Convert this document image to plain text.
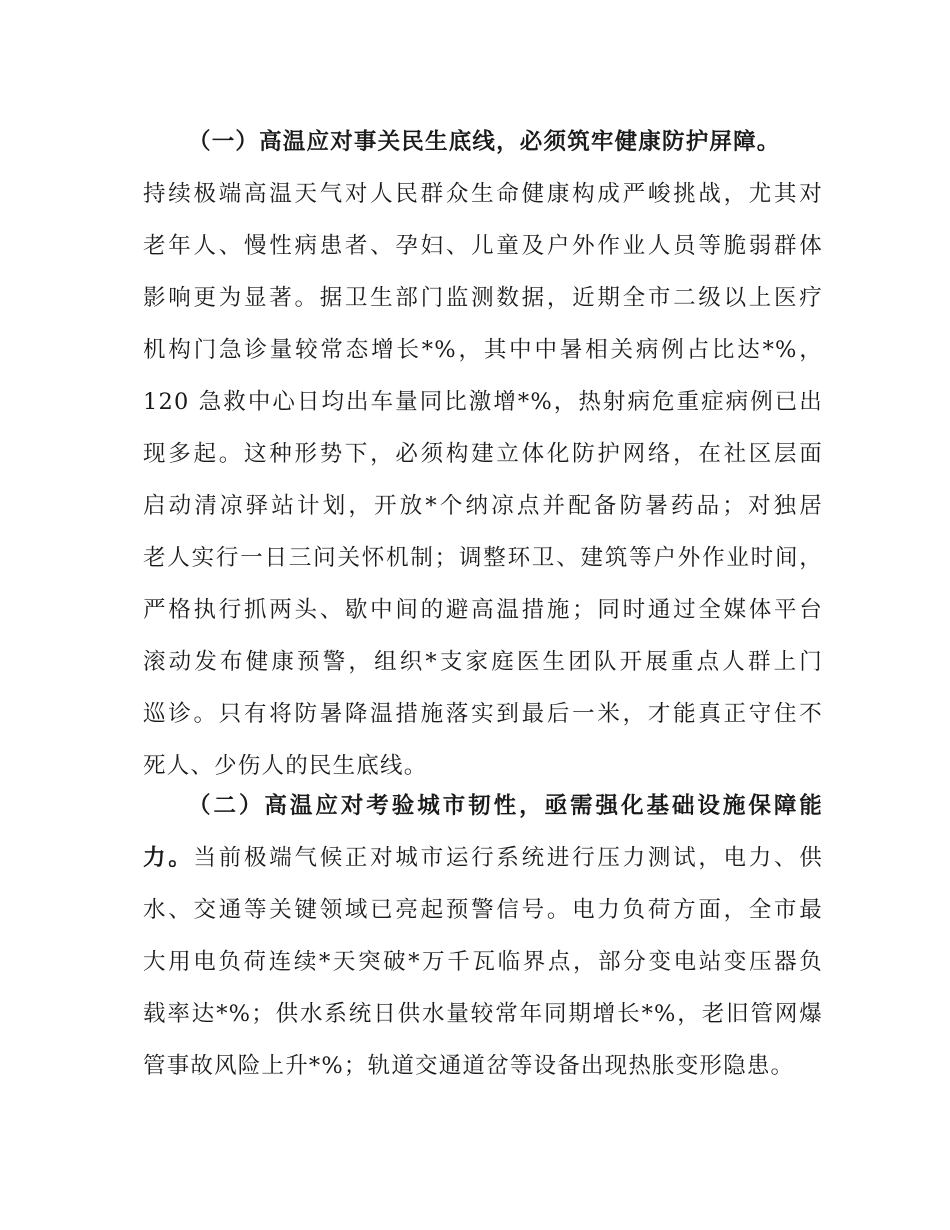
（一）高温应对事关民生底线，必须筑牢健康防护屏障。
持续极端高温天气对人民群众生命健康构成严峻挑战，尤其对
老年人、慢性病患者、孕妇、儿童及户外作业人员等脆弱群体
影响更为显著。据卫生部门监测数据，近期全市二级以上医疗
机构门急诊量较常态增长*%，其中中暑相关病例占比达*%，
120 急救中心日均出车量同比激增*%，热射病危重症病例已出
现多起。这种形势下，必须构建立体化防护网络，在社区层面
启动清凉驿站计划，开放*个纳凉点并配备防暑药品；对独居
老人实行一日三问关怀机制；调整环卫、建筑等户外作业时间，
严格执行抓两头、歇中间的避高温措施；同时通过全媒体平台
滚动发布健康预警，组织*支家庭医生团队开展重点人群上门
巡诊。只有将防暑降温措施落实到最后一米，才能真正守住不
死人、少伤人的民生底线。
（二）高温应对考验城市韧性，亟需强化基础设施保障能
力。当前极端气候正对城市运行系统进行压力测试，电力、供
水、交通等关键领域已亮起预警信号。电力负荷方面，全市最
大用电负荷连续*天突破*万千瓦临界点，部分变电站变压器负
载率达*%；供水系统日供水量较常年同期增长*%，老旧管网爆
管事故风险上升*%；轨道交通道岔等设备出现热胀变形隐患。
